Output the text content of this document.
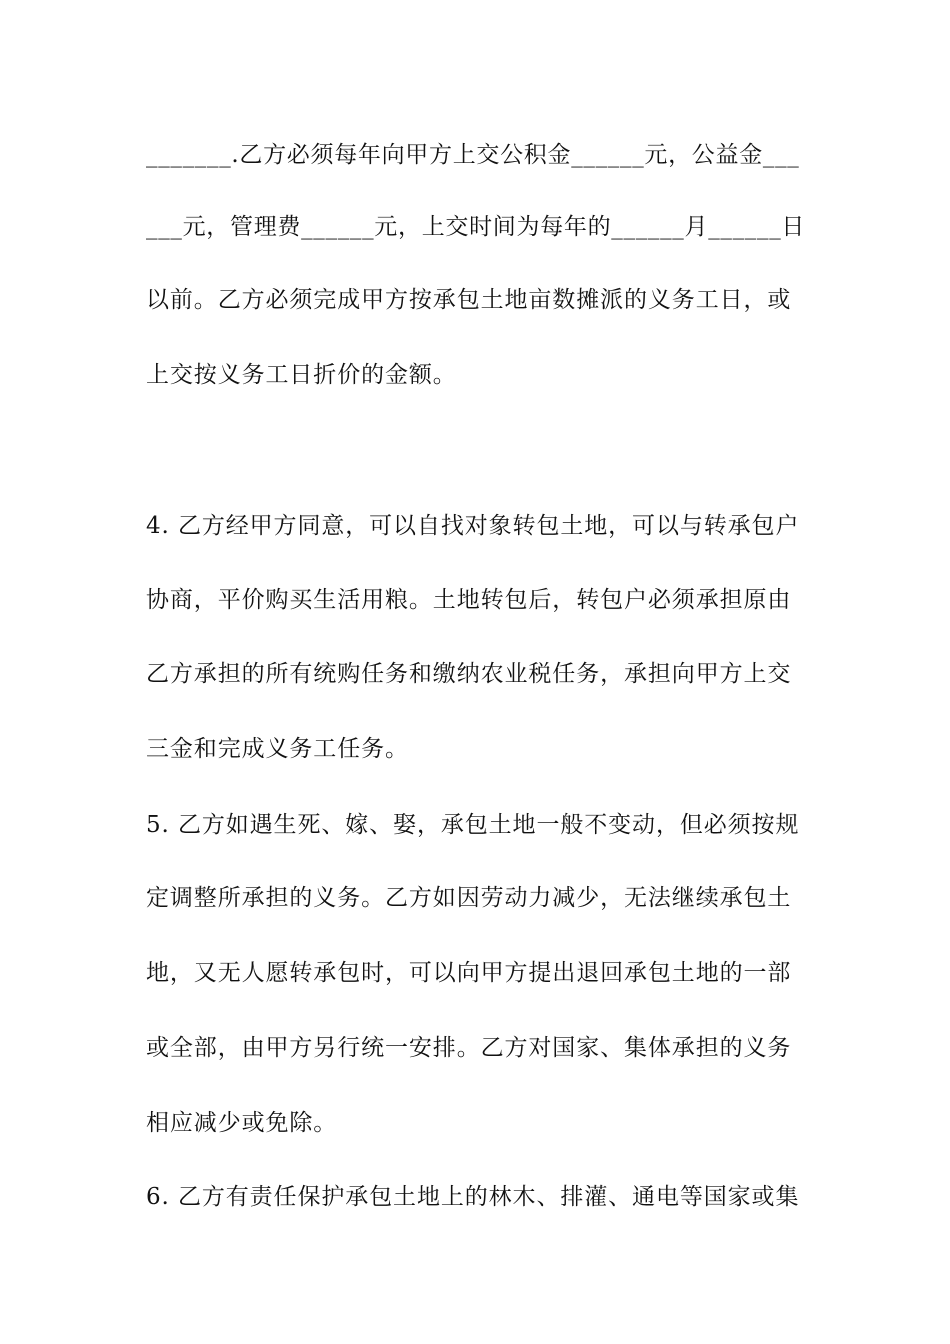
_______.乙方必须每年向甲方上交公积金______元，公益金___
___元，管理费______元，上交时间为每年的______月______日
以前。乙方必须完成甲方按承包土地亩数摊派的义务工日，或
上交按义务工日折价的金额。
4. 乙方经甲方同意，可以自找对象转包土地，可以与转承包户
协商，平价购买生活用粮。土地转包后，转包户必须承担原由
乙方承担的所有统购任务和缴纳农业税任务，承担向甲方上交
三金和完成义务工任务。
5. 乙方如遇生死、嫁、娶，承包土地一般不变动，但必须按规
定调整所承担的义务。乙方如因劳动力减少，无法继续承包土
地，又无人愿转承包时，可以向甲方提出退回承包土地的一部
或全部，由甲方另行统一安排。乙方对国家、集体承担的义务
相应减少或免除。
6. 乙方有责任保护承包土地上的林木、排灌、通电等国家或集
